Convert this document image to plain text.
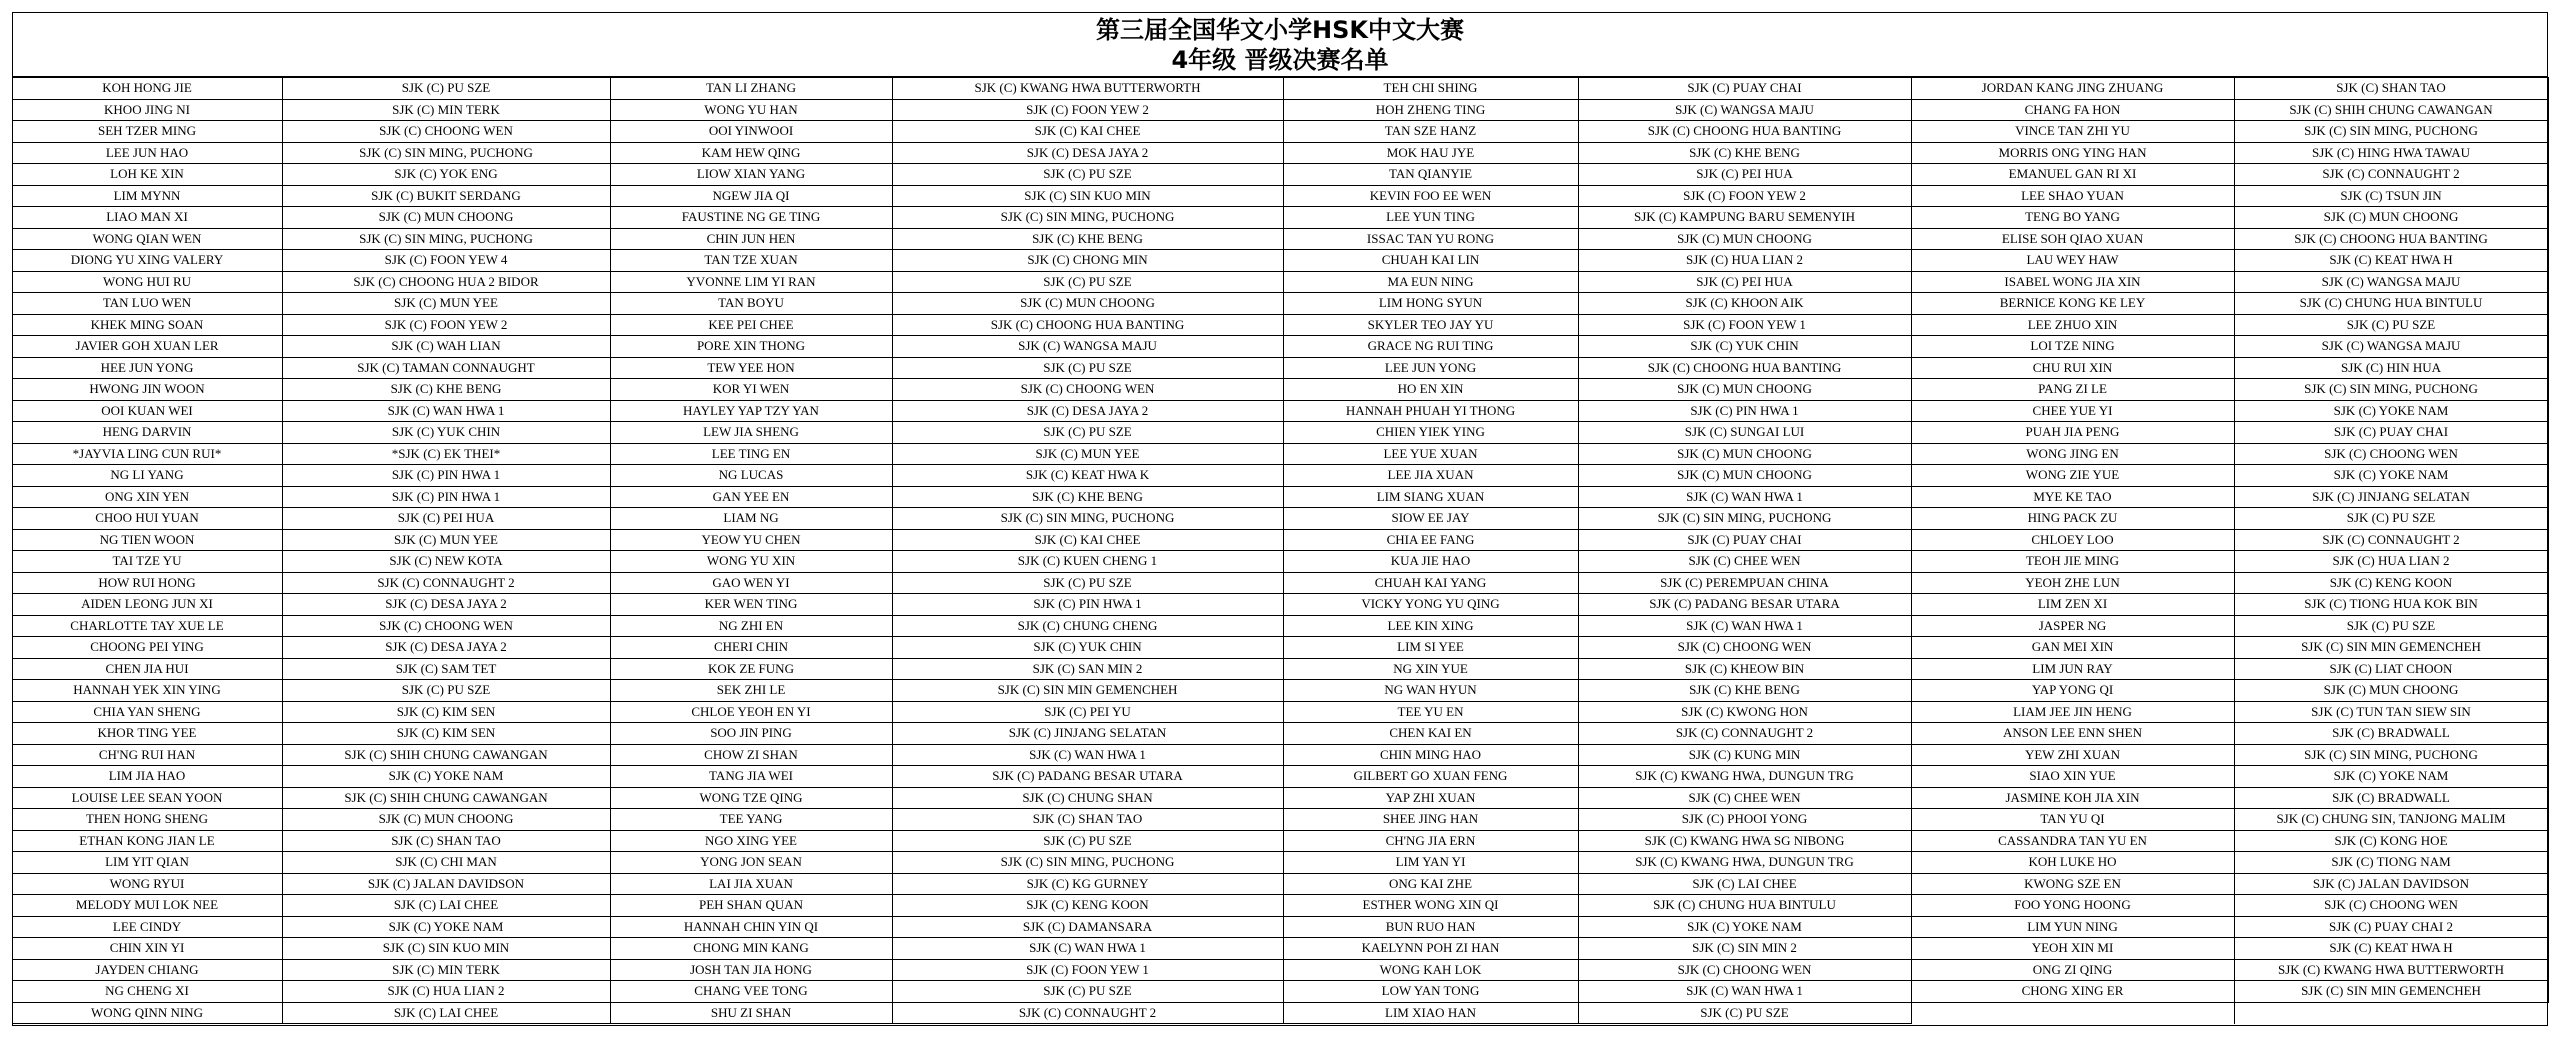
第三届全国华文小学HSK中文大赛
4年级 晋级决赛名单
KOH HONG JIE	SJK (C) PU SZE	TAN LI ZHANG	SJK (C) KWANG HWA BUTTERWORTH	TEH CHI SHING	SJK (C) PUAY CHAI	JORDAN KANG JING ZHUANG	SJK (C) SHAN TAO
KHOO JING NI	SJK (C) MIN TERK	WONG YU HAN	SJK (C) FOON YEW 2	HOH ZHENG TING	SJK (C) WANGSA MAJU	CHANG FA HON	SJK (C) SHIH CHUNG CAWANGAN
SEH TZER MING	SJK (C) CHOONG WEN	OOI YINWOOI	SJK (C) KAI CHEE	TAN SZE HANZ	SJK (C) CHOONG HUA BANTING	VINCE TAN ZHI YU	SJK (C) SIN MING, PUCHONG
LEE JUN HAO	SJK (C) SIN MING, PUCHONG	KAM HEW QING	SJK (C) DESA JAYA 2	MOK HAU JYE	SJK (C) KHE BENG	MORRIS ONG YING HAN	SJK (C) HING HWA TAWAU
LOH KE XIN	SJK (C) YOK ENG	LIOW XIAN YANG	SJK (C) PU SZE	TAN QIANYIE	SJK (C) PEI HUA	EMANUEL GAN RI XI	SJK (C) CONNAUGHT 2
LIM MYNN	SJK (C) BUKIT SERDANG	NGEW JIA QI	SJK (C) SIN KUO MIN	KEVIN FOO EE WEN	SJK (C) FOON YEW 2	LEE SHAO YUAN	SJK (C) TSUN JIN
LIAO MAN XI	SJK (C) MUN CHOONG	FAUSTINE NG GE TING	SJK (C) SIN MING, PUCHONG	LEE YUN TING	SJK (C) KAMPUNG BARU SEMENYIH	TENG BO YANG	SJK (C) MUN CHOONG
WONG QIAN WEN	SJK (C) SIN MING, PUCHONG	CHIN JUN HEN	SJK (C) KHE BENG	ISSAC TAN YU RONG	SJK (C) MUN CHOONG	ELISE SOH QIAO XUAN	SJK (C) CHOONG HUA BANTING
DIONG YU XING VALERY	SJK (C) FOON YEW 4	TAN TZE XUAN	SJK (C) CHONG MIN	CHUAH KAI LIN	SJK (C) HUA LIAN 2	LAU WEY HAW	SJK (C) KEAT HWA H
WONG HUI RU	SJK (C) CHOONG HUA 2 BIDOR	YVONNE LIM YI RAN	SJK (C) PU SZE	MA EUN NING	SJK (C) PEI HUA	ISABEL WONG JIA XIN	SJK (C) WANGSA MAJU
TAN LUO WEN	SJK (C) MUN YEE	TAN BOYU	SJK (C) MUN CHOONG	LIM HONG SYUN	SJK (C) KHOON AIK	BERNICE KONG KE LEY	SJK (C) CHUNG HUA BINTULU
KHEK MING SOAN	SJK (C) FOON YEW 2	KEE PEI CHEE	SJK (C) CHOONG HUA BANTING	SKYLER TEO JAY YU	SJK (C) FOON YEW 1	LEE ZHUO XIN	SJK (C) PU SZE
JAVIER GOH XUAN LER	SJK (C) WAH LIAN	PORE XIN THONG	SJK (C) WANGSA MAJU	GRACE NG RUI TING	SJK (C) YUK CHIN	LOI TZE NING	SJK (C) WANGSA MAJU
HEE JUN YONG	SJK (C) TAMAN CONNAUGHT	TEW YEE HON	SJK (C) PU SZE	LEE JUN YONG	SJK (C) CHOONG HUA BANTING	CHU RUI XIN	SJK (C) HIN HUA
HWONG JIN WOON	SJK (C) KHE BENG	KOR YI WEN	SJK (C) CHOONG WEN	HO EN XIN	SJK (C) MUN CHOONG	PANG ZI LE	SJK (C) SIN MING, PUCHONG
OOI KUAN WEI	SJK (C) WAN HWA 1	HAYLEY YAP TZY YAN	SJK (C) DESA JAYA 2	HANNAH PHUAH YI THONG	SJK (C) PIN HWA 1	CHEE YUE YI	SJK (C) YOKE NAM
HENG DARVIN	SJK (C) YUK CHIN	LEW JIA SHENG	SJK (C) PU SZE	CHIEN YIEK YING	SJK (C) SUNGAI LUI	PUAH JIA PENG	SJK (C) PUAY CHAI
*JAYVIA LING CUN RUI*	*SJK (C) EK THEI*	LEE TING EN	SJK (C) MUN YEE	LEE YUE XUAN	SJK (C) MUN CHOONG	WONG JING EN	SJK (C) CHOONG WEN
NG LI YANG	SJK (C) PIN HWA 1	NG LUCAS	SJK (C) KEAT HWA K	LEE JIA XUAN	SJK (C) MUN CHOONG	WONG ZIE YUE	SJK (C) YOKE NAM
ONG XIN YEN	SJK (C) PIN HWA 1	GAN YEE EN	SJK (C) KHE BENG	LIM SIANG XUAN	SJK (C) WAN HWA 1	MYE KE TAO	SJK (C) JINJANG SELATAN
CHOO HUI YUAN	SJK (C) PEI HUA	LIAM NG	SJK (C) SIN MING, PUCHONG	SIOW EE JAY	SJK (C) SIN MING, PUCHONG	HING PACK ZU	SJK (C) PU SZE
NG TIEN WOON	SJK (C) MUN YEE	YEOW YU CHEN	SJK (C) KAI CHEE	CHIA EE FANG	SJK (C) PUAY CHAI	CHLOEY LOO	SJK (C) CONNAUGHT 2
TAI TZE YU	SJK (C) NEW KOTA	WONG YU XIN	SJK (C) KUEN CHENG 1	KUA JIE HAO	SJK (C) CHEE WEN	TEOH JIE MING	SJK (C) HUA LIAN 2
HOW RUI HONG	SJK (C) CONNAUGHT 2	GAO WEN YI	SJK (C) PU SZE	CHUAH KAI YANG	SJK (C) PEREMPUAN CHINA	YEOH ZHE LUN	SJK (C) KENG KOON
AIDEN LEONG JUN XI	SJK (C) DESA JAYA 2	KER WEN TING	SJK (C) PIN HWA 1	VICKY YONG YU QING	SJK (C) PADANG BESAR UTARA	LIM ZEN XI	SJK (C) TIONG HUA KOK BIN
CHARLOTTE TAY XUE LE	SJK (C) CHOONG WEN	NG ZHI EN	SJK (C) CHUNG CHENG	LEE KIN XING	SJK (C) WAN HWA 1	JASPER NG	SJK (C) PU SZE
CHOONG PEI YING	SJK (C) DESA JAYA 2	CHERI CHIN	SJK (C) YUK CHIN	LIM SI YEE	SJK (C) CHOONG WEN	GAN MEI XIN	SJK (C) SIN MIN GEMENCHEH
CHEN JIA HUI	SJK (C) SAM TET	KOK ZE FUNG	SJK (C) SAN MIN 2	NG XIN YUE	SJK (C) KHEOW BIN	LIM JUN RAY	SJK (C) LIAT CHOON
HANNAH YEK XIN YING	SJK (C) PU SZE	SEK ZHI LE	SJK (C) SIN MIN GEMENCHEH	NG WAN HYUN	SJK (C) KHE BENG	YAP YONG QI	SJK (C) MUN CHOONG
CHIA YAN SHENG	SJK (C) KIM SEN	CHLOE YEOH EN YI	SJK (C) PEI YU	TEE YU EN	SJK (C) KWONG HON	LIAM JEE JIN HENG	SJK (C) TUN TAN SIEW SIN
KHOR TING YEE	SJK (C) KIM SEN	SOO JIN PING	SJK (C) JINJANG SELATAN	CHEN KAI EN	SJK (C) CONNAUGHT 2	ANSON LEE ENN SHEN	SJK (C) BRADWALL
CH'NG RUI HAN	SJK (C) SHIH CHUNG CAWANGAN	CHOW ZI SHAN	SJK (C) WAN HWA 1	CHIN MING HAO	SJK (C) KUNG MIN	YEW ZHI XUAN	SJK (C) SIN MING, PUCHONG
LIM JIA HAO	SJK (C) YOKE NAM	TANG JIA WEI	SJK (C) PADANG BESAR UTARA	GILBERT GO XUAN FENG	SJK (C) KWANG HWA, DUNGUN TRG	SIAO XIN YUE	SJK (C) YOKE NAM
LOUISE LEE SEAN YOON	SJK (C) SHIH CHUNG CAWANGAN	WONG TZE QING	SJK (C) CHUNG SHAN	YAP ZHI XUAN	SJK (C) CHEE WEN	JASMINE KOH JIA XIN	SJK (C) BRADWALL
THEN HONG SHENG	SJK (C) MUN CHOONG	TEE YANG	SJK (C) SHAN TAO	SHEE JING HAN	SJK (C) PHOOI YONG	TAN YU QI	SJK (C) CHUNG SIN, TANJONG MALIM
ETHAN KONG JIAN LE	SJK (C) SHAN TAO	NGO XING YEE	SJK (C) PU SZE	CH'NG JIA ERN	SJK (C) KWANG HWA SG NIBONG	CASSANDRA TAN YU EN	SJK (C) KONG HOE
LIM YIT QIAN	SJK (C) CHI MAN	YONG JON SEAN	SJK (C) SIN MING, PUCHONG	LIM YAN YI	SJK (C) KWANG HWA, DUNGUN TRG	KOH LUKE HO	SJK (C) TIONG NAM
WONG RYUI	SJK (C) JALAN DAVIDSON	LAI JIA XUAN	SJK (C) KG GURNEY	ONG KAI ZHE	SJK (C) LAI CHEE	KWONG SZE EN	SJK (C) JALAN DAVIDSON
MELODY MUI LOK NEE	SJK (C) LAI CHEE	PEH SHAN QUAN	SJK (C) KENG KOON	ESTHER WONG XIN QI	SJK (C) CHUNG HUA BINTULU	FOO YONG HOONG	SJK (C) CHOONG WEN
LEE CINDY	SJK (C) YOKE NAM	HANNAH CHIN YIN QI	SJK (C) DAMANSARA	BUN RUO HAN	SJK (C) YOKE NAM	LIM YUN NING	SJK (C) PUAY CHAI 2
CHIN XIN YI	SJK (C) SIN KUO MIN	CHONG MIN KANG	SJK (C) WAN HWA 1	KAELYNN POH ZI HAN	SJK (C) SIN MIN 2	YEOH XIN MI	SJK (C) KEAT HWA H
JAYDEN CHIANG	SJK (C) MIN TERK	JOSH TAN JIA HONG	SJK (C) FOON YEW 1	WONG KAH LOK	SJK (C) CHOONG WEN	ONG ZI QING	SJK (C) KWANG HWA BUTTERWORTH
NG CHENG XI	SJK (C) HUA LIAN 2	CHANG VEE TONG	SJK (C) PU SZE	LOW YAN TONG	SJK (C) WAN HWA 1	CHONG XING ER	SJK (C) SIN MIN GEMENCHEH
WONG QINN NING	SJK (C) LAI CHEE	SHU ZI SHAN	SJK (C) CONNAUGHT 2	LIM XIAO HAN	SJK (C) PU SZE		
